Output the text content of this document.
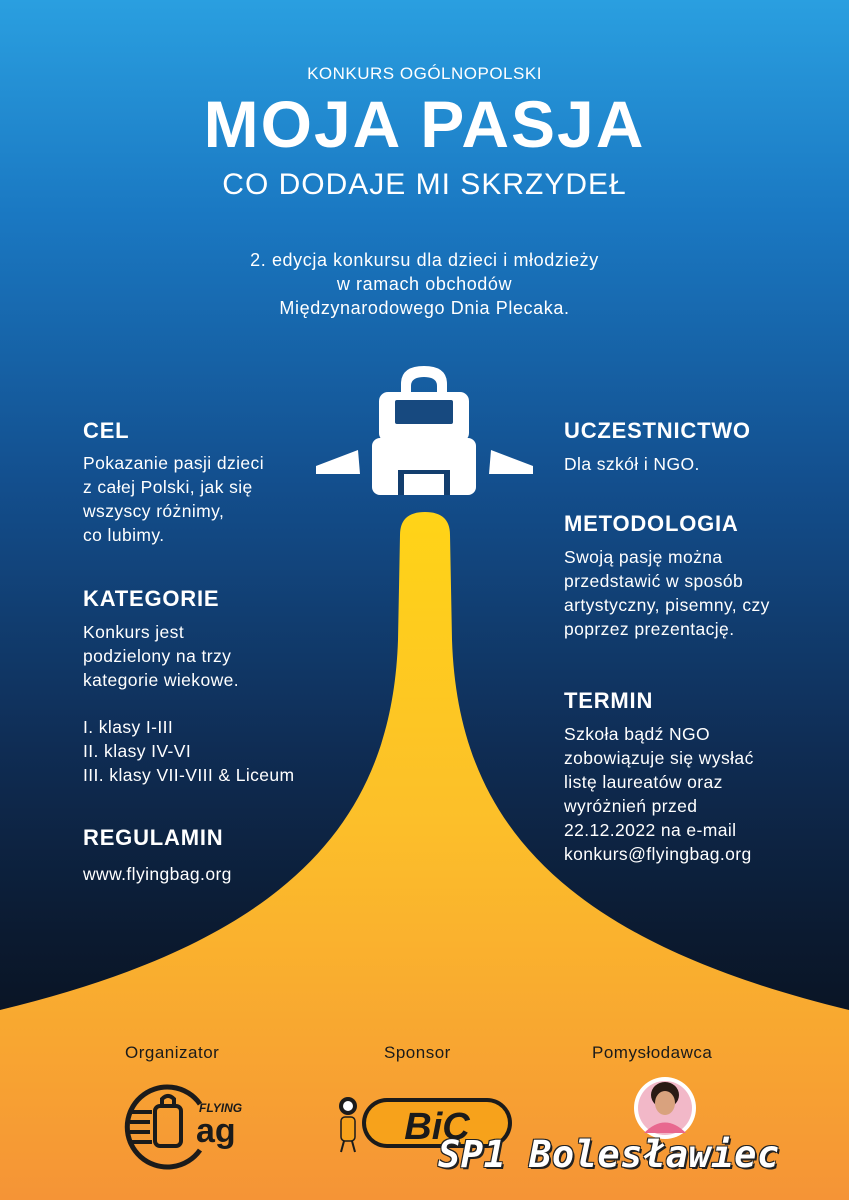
FLYING
ag	BiC
KONKURS OGÓLNOPOLSKI
MOJA PASJA
CO DODAJE MI SKRZYDEŁ
2. edycja konkursu dla dzieci i młodzieży
w ramach obchodów
Międzynarodowego Dnia Plecaka.
CEL
Pokazanie pasji dzieci
z całej Polski, jak się
wszyscy różnimy,
co lubimy.
KATEGORIE
Konkurs jest
podzielony na trzy
kategorie wiekowe.
I. klasy I-III
II. klasy IV-VI
III. klasy VII-VIII & Liceum
REGULAMIN
www.flyingbag.org
UCZESTNICTWO
Dla szkół i NGO.
METODOLOGIA
Swoją pasję można
przedstawić w sposób
artystyczny, pisemny, czy
poprzez prezentację.
TERMIN
Szkoła bądź NGO
zobowiązuje się wysłać
listę laureatów oraz
wyróżnień przed
22.12.2022 na e-mail
konkurs@flyingbag.org
Organizator	Sponsor	Pomysłodawca
SP1 Bolesławiec
